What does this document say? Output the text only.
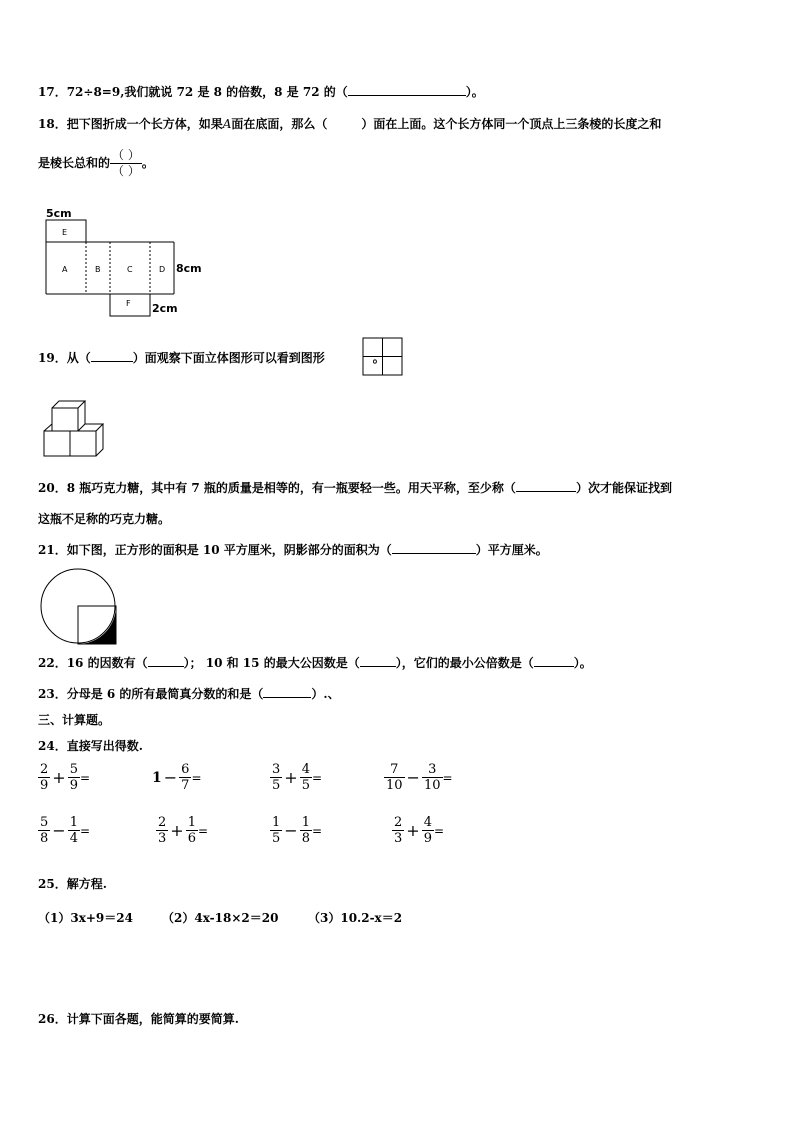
17．72÷8=9,我们就说 72 是 8 的倍数，8 是 72 的（	）。
18．把下图折成一个长方体，如果A面在底面，那么（	）面在上面。这个长方体同一个顶点上三条棱的长度之和
是棱长总和的 $\frac{( )}{( )}$ 。
5cm
E
A	B	C	D 8cm
F 2cm
19．从（	）面观察下面立体图形可以看到图形	。
20．8 瓶巧克力糖，其中有 7 瓶的质量是相等的，有一瓶要轻一些。用天平称，至少称（	）次才能保证找到
这瓶不足称的巧克力糖。
21．如下图，正方形的面积是 10 平方厘米，阴影部分的面积为（	）平方厘米。
22．16 的因数有（	）； 10 和 15 的最大公因数是（	），它们的最小公倍数是（	）。
23．分母是 6 的所有最简真分数的和是（	）.、
三、计算题。
24．直接写出得数.
$\frac{2}{9} + \frac{5}{9}$ =	$1 - \frac{6}{7}$ =	$\frac{3}{5} + \frac{4}{5}$ =	$\frac{7}{10} - \frac{3}{10}$ =
$\frac{5}{8} - \frac{1}{4}$ =	$\frac{2}{3} + \frac{1}{6}$ =	$\frac{1}{5} - \frac{1}{8}$ =	$\frac{2}{3} + \frac{4}{9}$ =
25．解方程.
（1）3x+9＝24 （2）4x-18×2＝20 （3）10.2-x＝2
26．计算下面各题，能简算的要简算.
